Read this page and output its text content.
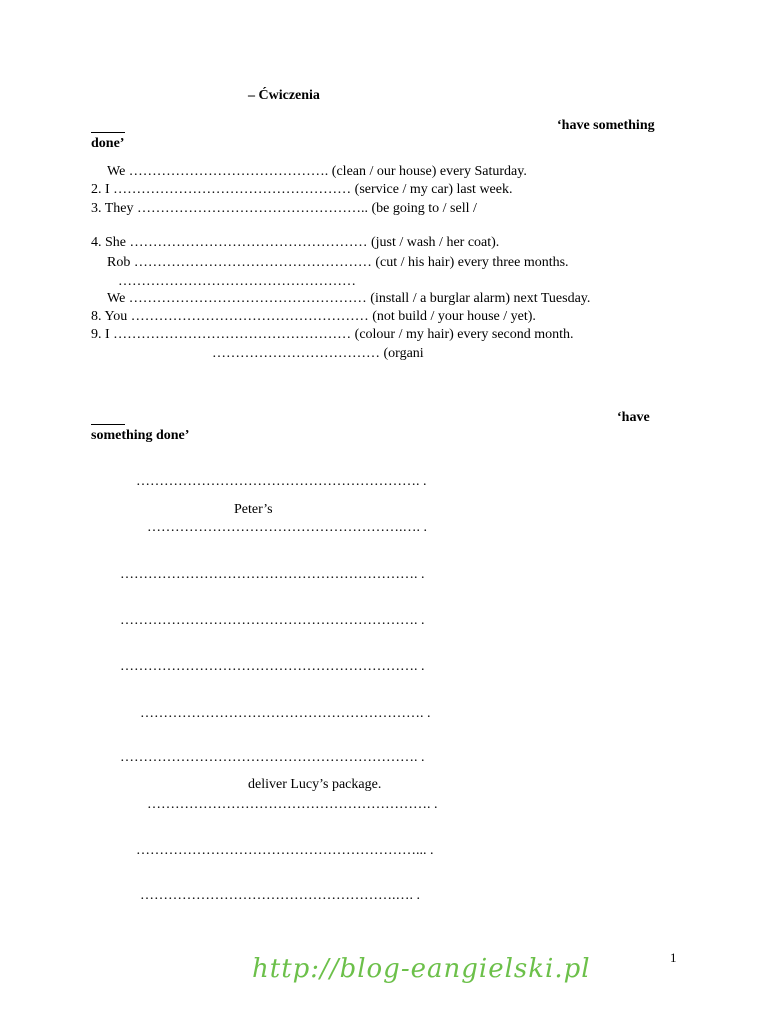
– Ćwiczenia
‘have something
done’
We ……………………………………. (clean / our house) every Saturday.
2. I …………………………………………… (service / my car) last week.
3. They ………………………………………….. (be going to / sell /
4. She …………………………………………… (just / wash / her coat).
Rob …………………………………………… (cut / his hair) every three months.
……………………………………………
We …………………………………………… (install / a burglar alarm) next Tuesday.
8. You …………………………………………… (not build / your house / yet).
9. I …………………………………………… (colour / my hair) every second month.
……………………………… (organi
‘have
something done’
……………………………………………………. .
Peter’s
……………………………………………….…. .
………………………………………………………. .
………………………………………………………. .
………………………………………………………. .
……………………………………………………. .
………………………………………………………. .
deliver Lucy’s package.
……………………………………………………. .
……………………………………………………... .
……………………………………………….…. .
1
http://blog-eangielski.pl
